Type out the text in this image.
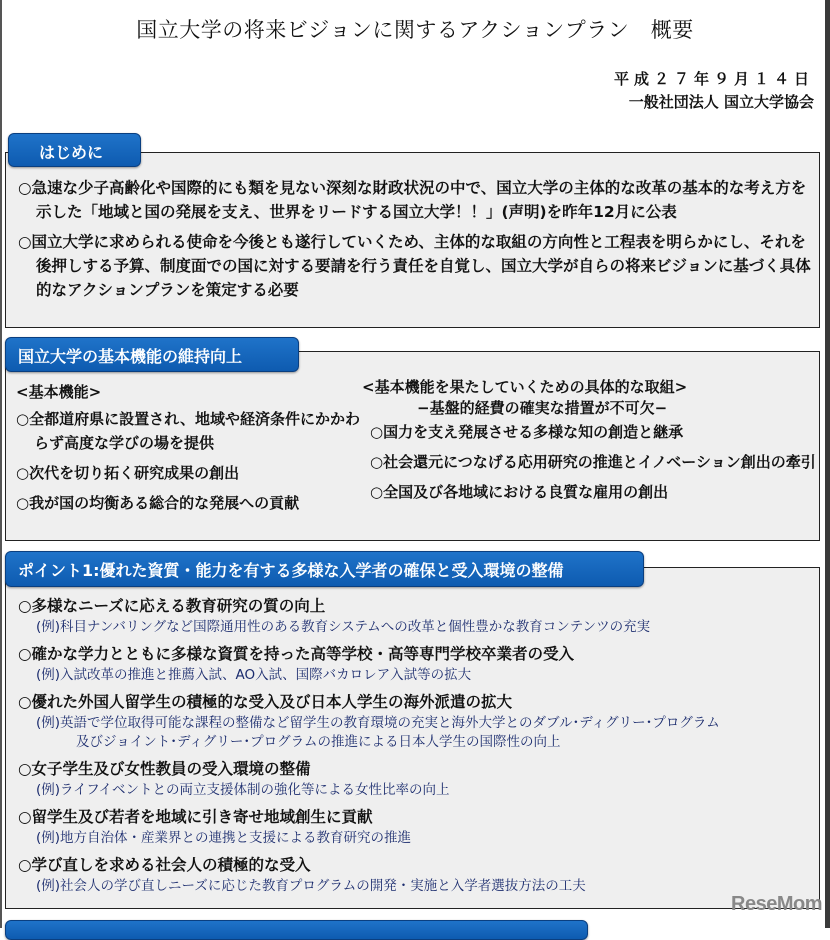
国立大学の将来ビジョンに関するアクションプラン　概要
平成２７年９月１４日
一般社団法人 国立大学協会
はじめに
○急速な少子高齢化や国際的にも類を見ない深刻な財政状況の中で、国立大学の主体的な改革の基本的な考え方を示した「地域と国の発展を支え、世界をリードする国立大学！！」(声明)を昨年12月に公表
○国立大学に求められる使命を今後とも遂行していくため、主体的な取組の方向性と工程表を明らかにし、それを後押しする予算、制度面での国に対する要請を行う責任を自覚し、国立大学が自らの将来ビジョンに基づく具体的なアクションプランを策定する必要
国立大学の基本機能の維持向上
<基本機能>
○全都道府県に設置され、地域や経済条件にかかわらず高度な学びの場を提供
○次代を切り拓く研究成果の創出
○我が国の均衡ある総合的な発展への貢献
<基本機能を果たしていくための具体的な取組>
−基盤的経費の確実な措置が不可欠−
○国力を支え発展させる多様な知の創造と継承
○社会還元につなげる応用研究の推進とイノベーション創出の牽引
○全国及び各地域における良質な雇用の創出
ポイント1:優れた資質・能力を有する多様な入学者の確保と受入環境の整備
○多様なニーズに応える教育研究の質の向上
(例)科目ナンバリングなど国際通用性のある教育システムへの改革と個性豊かな教育コンテンツの充実
○確かな学力とともに多様な資質を持った高等学校・高等専門学校卒業者の受入
(例)入試改革の推進と推薦入試、AO入試、国際バカロレア入試等の拡大
○優れた外国人留学生の積極的な受入及び日本人学生の海外派遣の拡大
(例)英語で学位取得可能な課程の整備など留学生の教育環境の充実と海外大学とのダブル･ディグリー･プログラム
及びジョイント･ディグリー･プログラムの推進による日本人学生の国際性の向上
○女子学生及び女性教員の受入環境の整備
(例)ライフイベントとの両立支援体制の強化等による女性比率の向上
○留学生及び若者を地域に引き寄せ地域創生に貢献
(例)地方自治体・産業界との連携と支援による教育研究の推進
○学び直しを求める社会人の積極的な受入
(例)社会人の学び直しニーズに応じた教育プログラムの開発・実施と入学者選抜方法の工夫
ReseMom
